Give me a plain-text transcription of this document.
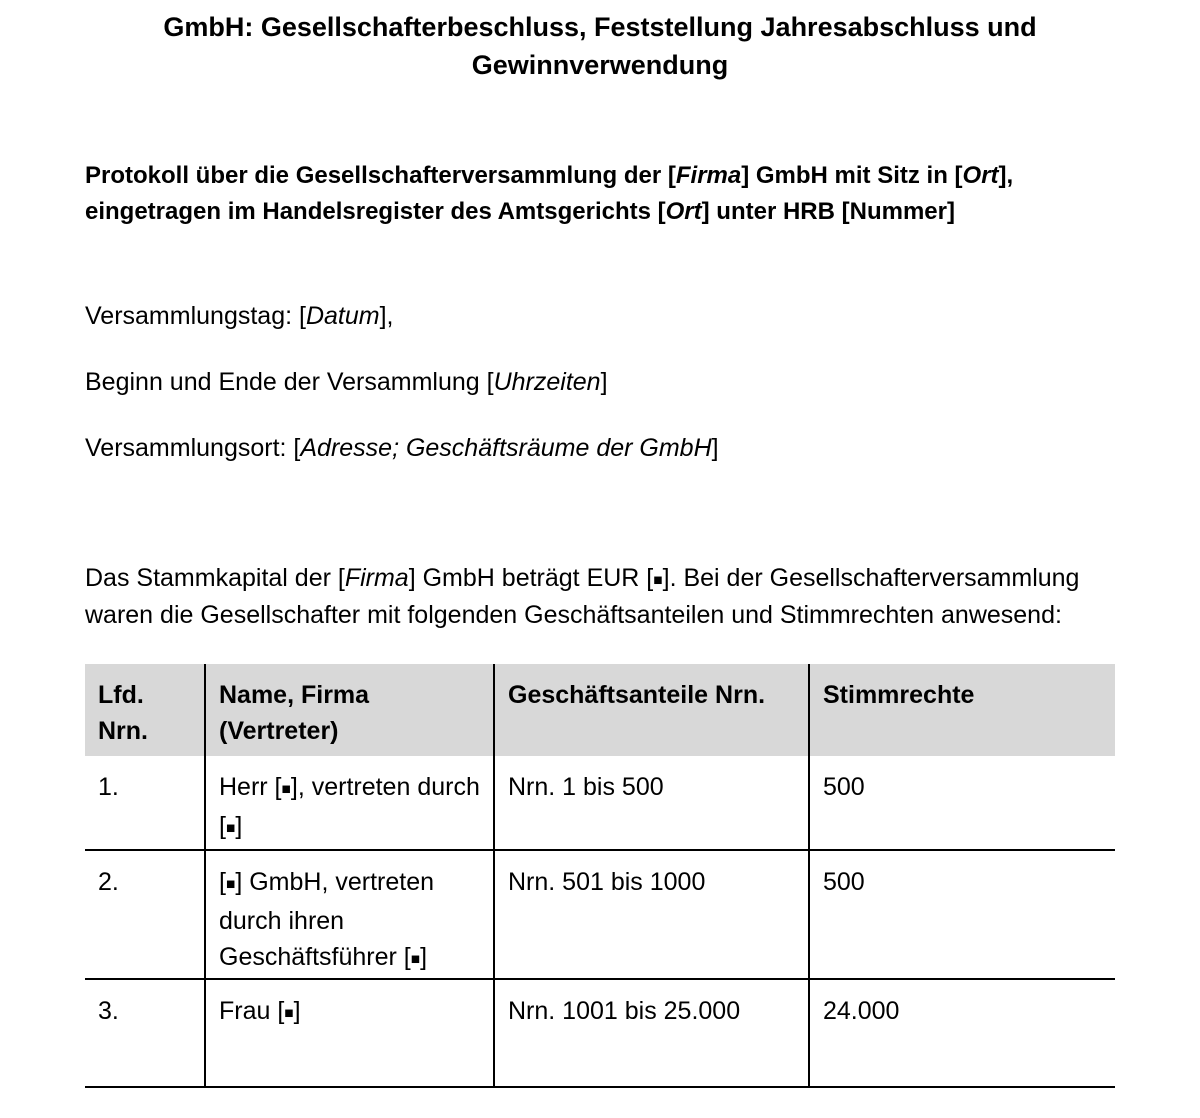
GmbH: Gesellschafterbeschluss, Feststellung Jahresabschluss und
Gewinnverwendung
Protokoll über die Gesellschafterversammlung der [Firma] GmbH mit Sitz in [Ort],
eingetragen im Handelsregister des Amtsgerichts [Ort] unter HRB [Nummer]
Versammlungstag: [Datum],
Beginn und Ende der Versammlung [Uhrzeiten]
Versammlungsort: [Adresse; Geschäftsräume der GmbH]
Das Stammkapital der [Firma] GmbH beträgt EUR [■]. Bei der Gesellschafterversammlung
waren die Gesellschafter mit folgenden Geschäftsanteilen und Stimmrechten anwesend:
Lfd. Nrn.	Name, Firma (Vertreter)	Geschäftsanteile Nrn.	Stimmrechte
1.	Herr [■], vertreten durch [■]	Nrn. 1 bis 500	500
2.	[■] GmbH, vertreten durch ihren Geschäftsführer [■]	Nrn. 501 bis 1000	500
3.	Frau [■]	Nrn. 1001 bis 25.000	24.000
